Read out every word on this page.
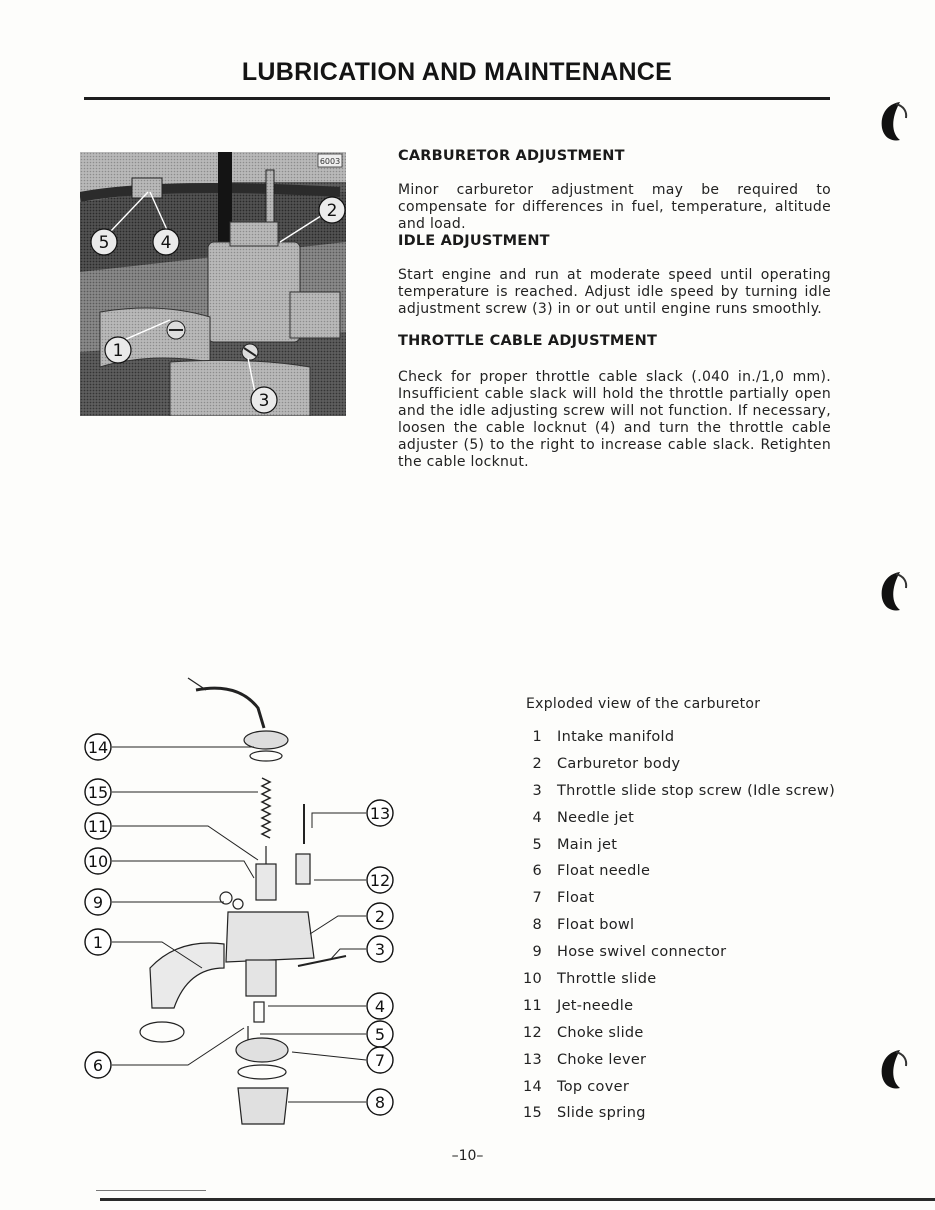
LUBRICATION AND MAINTENANCE
6003
5	4
2
1
3
CARBURETOR ADJUSTMENT
Minor carburetor adjustment may be required to compensate for differences in fuel, temperature, altitude and load.
IDLE ADJUSTMENT
Start engine and run at moderate speed until operating temperature is reached. Adjust idle speed by turning idle adjustment screw (3) in or out until engine runs smoothly.
THROTTLE CABLE ADJUSTMENT
Check for proper throttle cable slack (.040 in./1,0 mm). Insufficient cable slack will hold the throttle partially open and the idle adjusting screw will not function. If necessary, loosen the cable locknut (4) and turn the throttle cable adjuster (5) to the right to increase cable slack. Retighten the cable locknut.
14
15
11
10
9
1
6
13
12
2
3
4
5
7
8
Exploded view of the carburetor
1 Intake manifold
2 Carburetor body
3 Throttle slide stop screw (Idle screw)
4 Needle jet
5 Main jet
6 Float needle
7 Float
8 Float bowl
9 Hose swivel connector
10 Throttle slide
11 Jet-needle
12 Choke slide
13 Choke lever
14 Top cover
15 Slide spring
–10–
